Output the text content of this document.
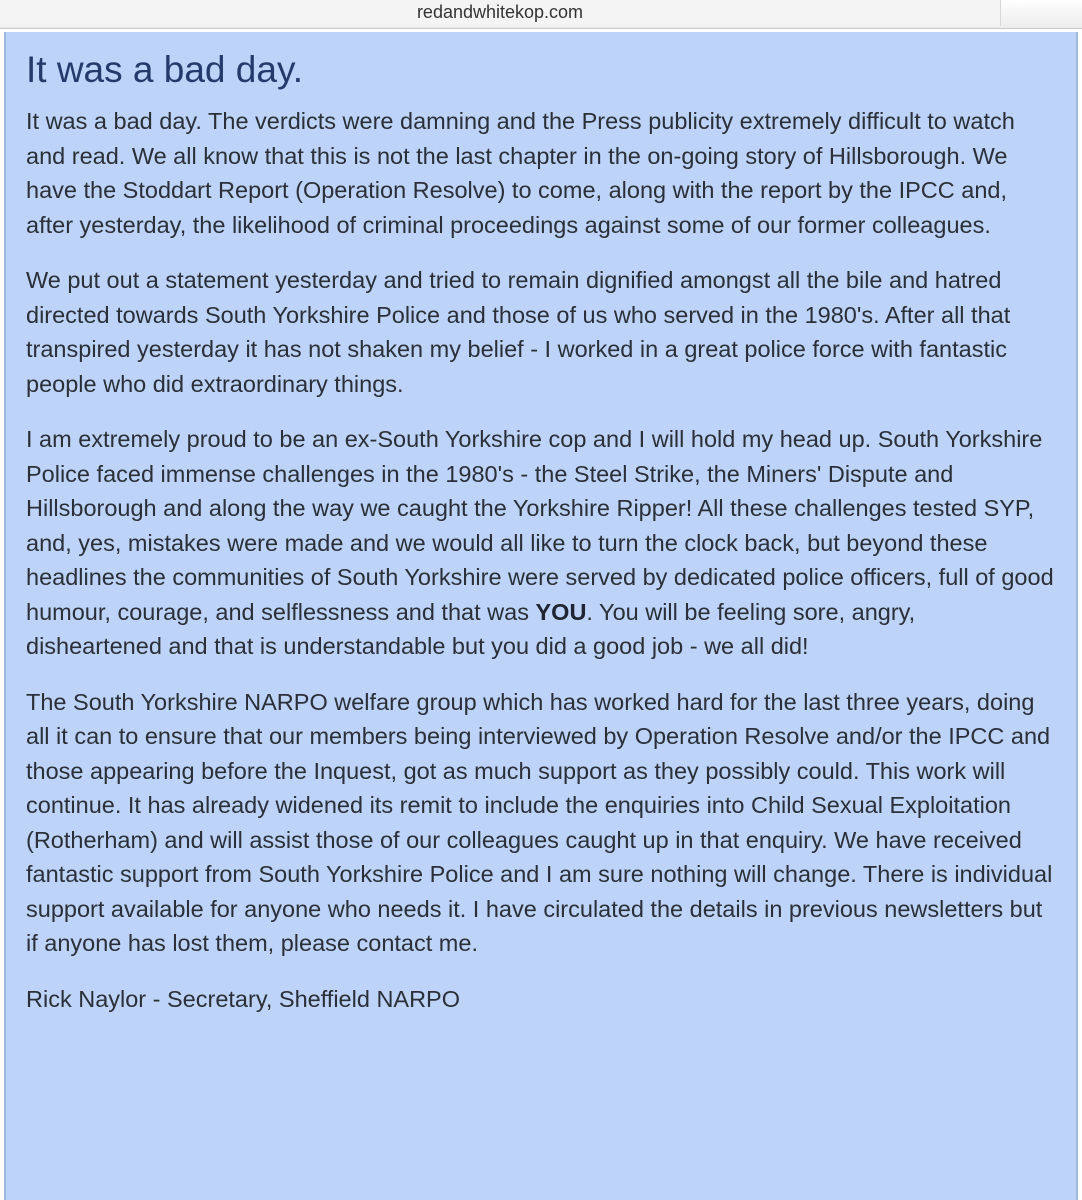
redandwhitekop.com
It was a bad day.

It was a bad day. The verdicts were damning and the Press publicity extremely difficult to watch and read. We all know that this is not the last chapter in the on-going story of Hillsborough. We have the Stoddart Report (Operation Resolve) to come, along with the report by the IPCC and, after yesterday, the likelihood of criminal proceedings against some of our former colleagues.

We put out a statement yesterday and tried to remain dignified amongst all the bile and hatred directed towards South Yorkshire Police and those of us who served in the 1980's. After all that transpired yesterday it has not shaken my belief - I worked in a great police force with fantastic people who did extraordinary things.

I am extremely proud to be an ex-South Yorkshire cop and I will hold my head up. South Yorkshire Police faced immense challenges in the 1980's - the Steel Strike, the Miners' Dispute and Hillsborough and along the way we caught the Yorkshire Ripper! All these challenges tested SYP, and, yes, mistakes were made and we would all like to turn the clock back, but beyond these headlines the communities of South Yorkshire were served by dedicated police officers, full of good humour, courage, and selflessness and that was YOU. You will be feeling sore, angry, disheartened and that is understandable but you did a good job - we all did!

The South Yorkshire NARPO welfare group which has worked hard for the last three years, doing all it can to ensure that our members being interviewed by Operation Resolve and/or the IPCC and those appearing before the Inquest, got as much support as they possibly could. This work will continue. It has already widened its remit to include the enquiries into Child Sexual Exploitation (Rotherham) and will assist those of our colleagues caught up in that enquiry. We have received fantastic support from South Yorkshire Police and I am sure nothing will change. There is individual support available for anyone who needs it. I have circulated the details in previous newsletters but if anyone has lost them, please contact me.

Rick Naylor - Secretary, Sheffield NARPO
